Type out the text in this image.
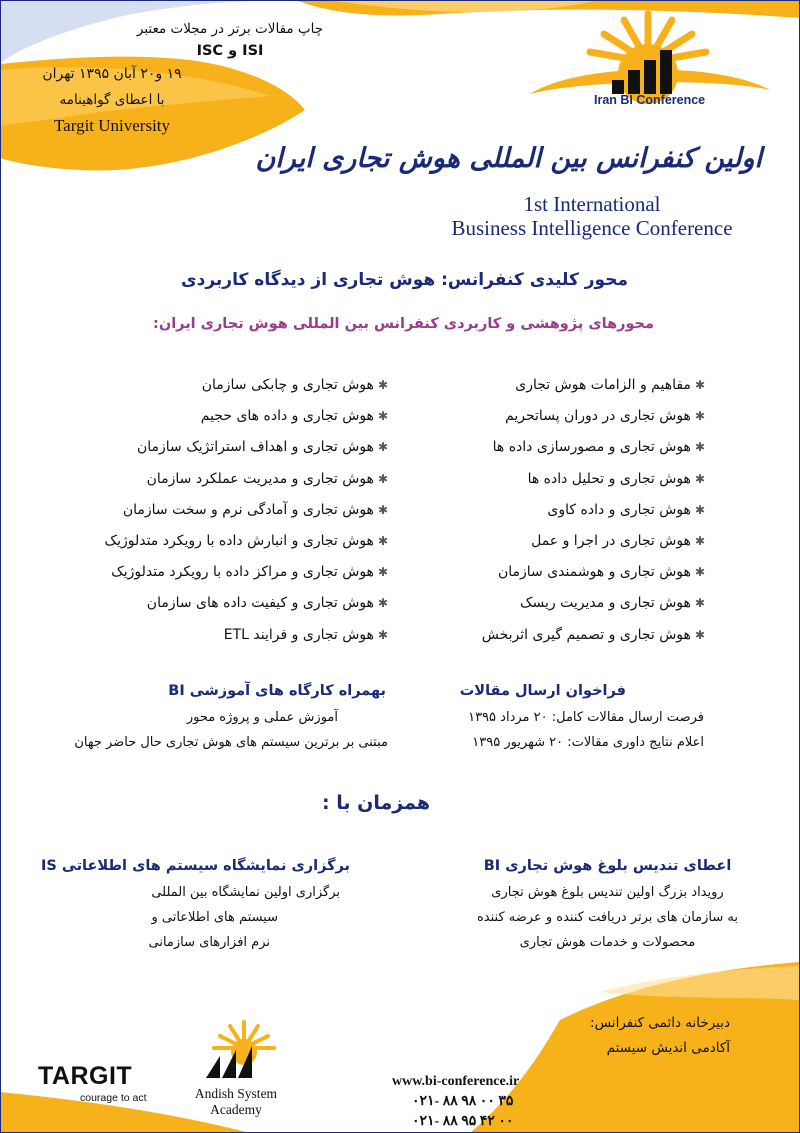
چاپ مقالات برتر در مجلات معتبر
ISI و ISC
۱۹ و۲۰ آبان ۱۳۹۵ تهران
با اعطای گواهینامه
Targit University
Iran BI Conference
اولین کنفرانس بین المللی هوش تجاری ایران
1st International
Business Intelligence Conference
محور کلیدی کنفرانس: هوش تجاری از دیدگاه کاربردی
محورهای پژوهشی و کاربردی کنفرانس بین المللی هوش تجاری ایران:
✱مفاهیم و الزامات هوش تجاری
✱هوش تجاری در دوران پساتحریم
✱هوش تجاری و مصورسازی داده ها
✱هوش تجاری و تحلیل داده ها
✱هوش تجاری و داده کاوی
✱هوش تجاری در اجرا و عمل
✱هوش تجاری و هوشمندی سازمان
✱هوش تجاری و مدیریت ریسک
✱هوش تجاری و تصمیم گیری اثربخش
✱هوش تجاری و چابکی سازمان
✱هوش تجاری و داده های حجیم
✱هوش تجاری و اهداف استراتژیک سازمان
✱هوش تجاری و مدیریت عملکرد سازمان
✱هوش تجاری و آمادگی نرم و سخت سازمان
✱هوش تجاری و انبارش داده با رویکرد متدلوژیک
✱هوش تجاری و مراکز داده با رویکرد متدلوژیک
✱هوش تجاری و کیفیت داده های سازمان
✱هوش تجاری و فرایند ETL
فراخوان ارسال مقالات
فرصت ارسال مقالات کامل: ۲۰ مرداد ۱۳۹۵
اعلام نتایج داوری مقالات: ۲۰ شهریور ۱۳۹۵
بهمراه کارگاه های آموزشی BI
آموزش عملی و پروژه محور
مبتنی بر برترین سیستم های هوش تجاری حال حاضر جهان
همزمان با :
اعطای تندیس بلوغ هوش تجاری BI
رویداد بزرگ اولین تندیس بلوغ هوش تجاری
به سازمان های برتر دریافت کننده و عرضه کننده
محصولات و خدمات هوش تجاری
برگزاری نمایشگاه سیستم های اطلاعاتی IS
برگزاری اولین نمایشگاه بین المللی
سیستم های اطلاعاتی و
نرم افزارهای سازمانی
دبیرخانه دائمی کنفرانس:
آکادمی اندیش سیستم
www.bi-conference.ir
۰۲۱- ۸۸ ۹۸ ۰۰ ۳۵
۰۲۱- ۸۸ ۹۵ ۴۲ ۰۰
TARGIT
courage to act	Andish System
Academy
